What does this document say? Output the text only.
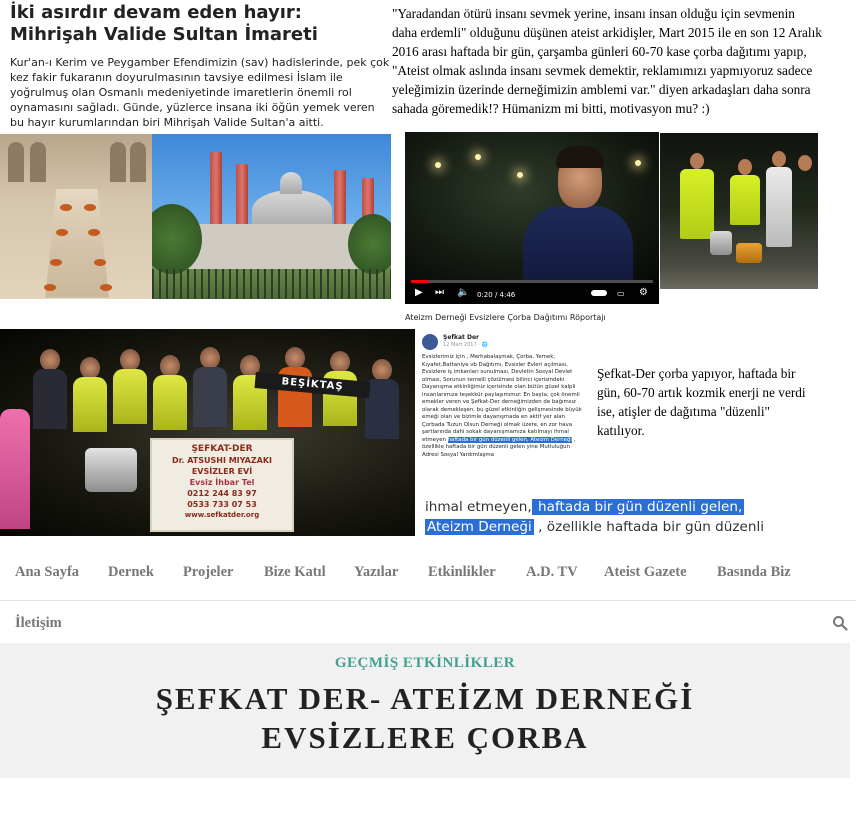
İki asırdır devam eden hayır: Mihrişah Valide Sultan İmareti
Kur'an-ı Kerim ve Peygamber Efendimizin (sav) hadislerinde, pek çok kez fakir fukaranın doyurulmasının tavsiye edilmesi İslam ile yoğrulmuş olan Osmanlı medeniyetinde imaretlerin önemli rol oynamasını sağladı. Günde, yüzlerce insana iki öğün yemek veren bu hayır kurumlarından biri Mihrişah Valide Sultan'a aitti.
"Yaradandan ötürü insanı sevmek yerine, insanı insan olduğu için sevmenin daha erdemli" olduğunu düşünen ateist arkidişler, Mart 2015 ile en son 12 Aralık 2016 arası haftada bir gün, çarşamba günleri 60-70 kase çorba dağıtımı yapıp, "Ateist olmak aslında insanı sevmek demektir, reklamımızı yapmıyoruz sadece yeleğimizin üzerinde derneğimizin amblemi var." diyen arkadaşları daha sonra sahada göremedik!? Hümanizm mi bitti, motivasyon mu? :)
▶ ⏭ 🔈 0:20 / 4:46	▭ ⚙
Ateizm Derneği Evsizlere Çorba Dağıtımı Röportajı
BEŞİKTAŞ
ŞEFKAT-DER
Dr. ATSUSHI MIYAZAKI
EVSİZLER EVİ
Evsiz İhbar Tel
0212 244 83 97
0533 733 07 53
www.sefkatder.org
Şefkat Der
12 Mart 2017 · 🌐
Evsizlerimiz için , Merhabalaşmak, Çorba, Yemek, Kıyafet,Battaniye vb Dağıtımı, Evsizler Evleri açılması, Evsizlere iş imkanları sunulması, Devletin Sosyal Devlet olması, Sorunun temelli çözülmesi bilinci içerisindeki Dayanışma etkinliğimiz içerisinde olan bütün güzel kalpli insanlarımıza teşekkür paylaşımımız: En başta, çok önemli emekler veren ve Şefkat-Der derneğimizden de bağımsız olarak demekleşen, bu güzel etkinliğin gelişmesinde büyük emeği olan ve bizimle dayanışmada en aktif yer alan Çorbada Tuzun Olsun Derneği olmak üzere, en zor hava şartlarında dahi sokak dayanışmamıza katılmayı ihmal etmeyen haftada bir gün düzenli gelen, Ateizm Derneği , özellikle haftada bir gün düzenli gelen yine Mutluluğun Adresi Sosyal Yardımlaşma
Şefkat-Der çorba yapıyor, haftada bir gün, 60-70 artık kozmik enerji ne verdi ise, atişler de dağıtıma "düzenli" katılıyor.
ihmal etmeyen, haftada bir gün düzenli gelen,
Ateizm Derneği , özellikle haftada bir gün düzenli
Ana Sayfa Dernek Projeler Bize Katıl Yazılar Etkinlikler A.D. TV Ateist Gazete Basında Biz
İletişim
GEÇMİŞ ETKİNLİKLER
ŞEFKAT DER- ATEİZM DERNEĞİ
EVSİZLERE ÇORBA
